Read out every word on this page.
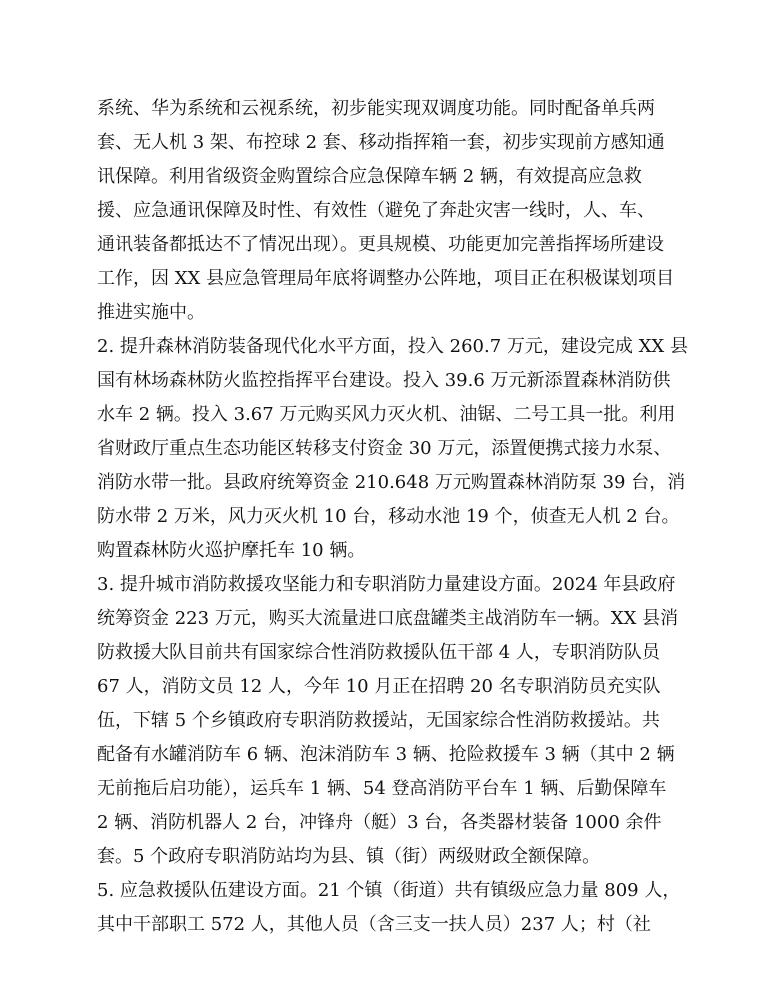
系统、华为系统和云视系统，初步能实现双调度功能。同时配备单兵两
套、无人机 3 架、布控球 2 套、移动指挥箱一套，初步实现前方感知通
讯保障。利用省级资金购置综合应急保障车辆 2 辆，有效提高应急救
援、应急通讯保障及时性、有效性（避免了奔赴灾害一线时，人、车、
通讯装备都抵达不了情况出现）。更具规模、功能更加完善指挥场所建设
工作，因 XX 县应急管理局年底将调整办公阵地，项目正在积极谋划项目
推进实施中。
2. 提升森林消防装备现代化水平方面，投入 260.7 万元，建设完成 XX 县
国有林场森林防火监控指挥平台建设。投入 39.6 万元新添置森林消防供
水车 2 辆。投入 3.67 万元购买风力灭火机、油锯、二号工具一批。利用
省财政厅重点生态功能区转移支付资金 30 万元，添置便携式接力水泵、
消防水带一批。县政府统筹资金 210.648 万元购置森林消防泵 39 台，消
防水带 2 万米，风力灭火机 10 台，移动水池 19 个，侦查无人机 2 台。
购置森林防火巡护摩托车 10 辆。
3. 提升城市消防救援攻坚能力和专职消防力量建设方面。2024 年县政府
统筹资金 223 万元，购买大流量进口底盘罐类主战消防车一辆。XX 县消
防救援大队目前共有国家综合性消防救援队伍干部 4 人，专职消防队员
67 人，消防文员 12 人，今年 10 月正在招聘 20 名专职消防员充实队
伍，下辖 5 个乡镇政府专职消防救援站，无国家综合性消防救援站。共
配备有水罐消防车 6 辆、泡沫消防车 3 辆、抢险救援车 3 辆（其中 2 辆
无前拖后启功能），运兵车 1 辆、54 登高消防平台车 1 辆、后勤保障车
2 辆、消防机器人 2 台，冲锋舟（艇）3 台，各类器材装备 1000 余件
套。5 个政府专职消防站均为县、镇（街）两级财政全额保障。
5. 应急救援队伍建设方面。21 个镇（街道）共有镇级应急力量 809 人，
其中干部职工 572 人，其他人员（含三支一扶人员）237 人；村（社
